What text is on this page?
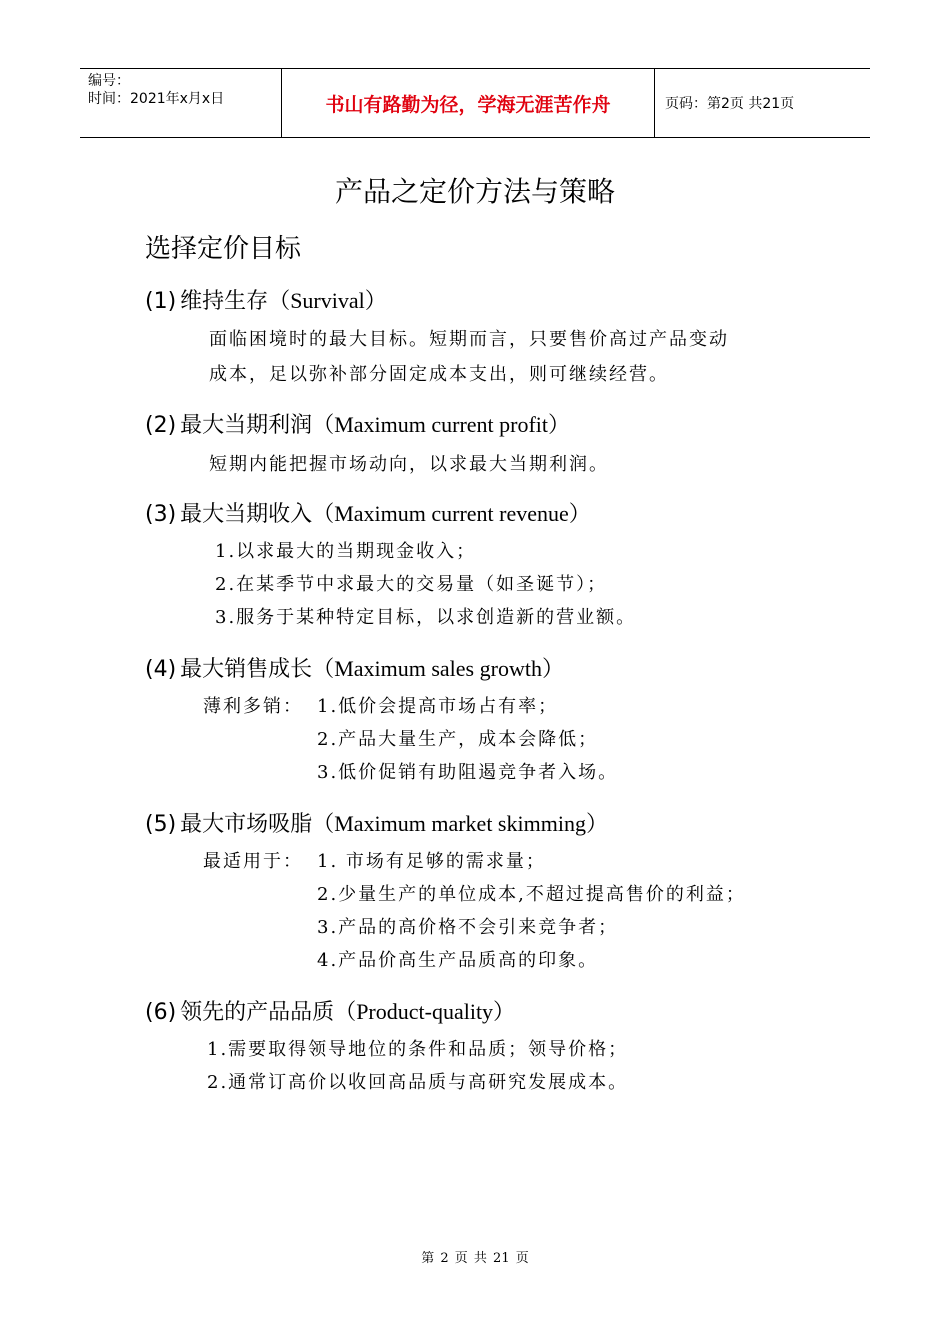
编号：
时间：2021年x月x日	书山有路勤为径，学海无涯苦作舟	页码：第2页 共21页
产品之定价方法与策略
选择定价目标
(1) 维持生存（Survival）
面临困境时的最大目标。短期而言，只要售价高过产品变动
成本，足以弥补部分固定成本支出，则可继续经营。
(2) 最大当期利润（Maximum current profit）
短期内能把握市场动向，以求最大当期利润。
(3) 最大当期收入（Maximum current revenue）
1.以求最大的当期现金收入；
2.在某季节中求最大的交易量（如圣诞节）；
3.服务于某种特定目标，以求创造新的营业额。
(4) 最大销售成长（Maximum sales growth）
薄利多销： 1.低价会提高市场占有率；
2.产品大量生产，成本会降低；
3.低价促销有助阻遏竞争者入场。
(5) 最大市场吸脂（Maximum market skimming）
最适用于： 1. 市场有足够的需求量；
2.少量生产的单位成本,不超过提高售价的利益；
3.产品的高价格不会引来竞争者；
4.产品价高生产品质高的印象。
(6) 领先的产品品质（Product-quality）
1.需要取得领导地位的条件和品质；领导价格；
2.通常订高价以收回高品质与高研究发展成本。
第 2 页 共 21 页
